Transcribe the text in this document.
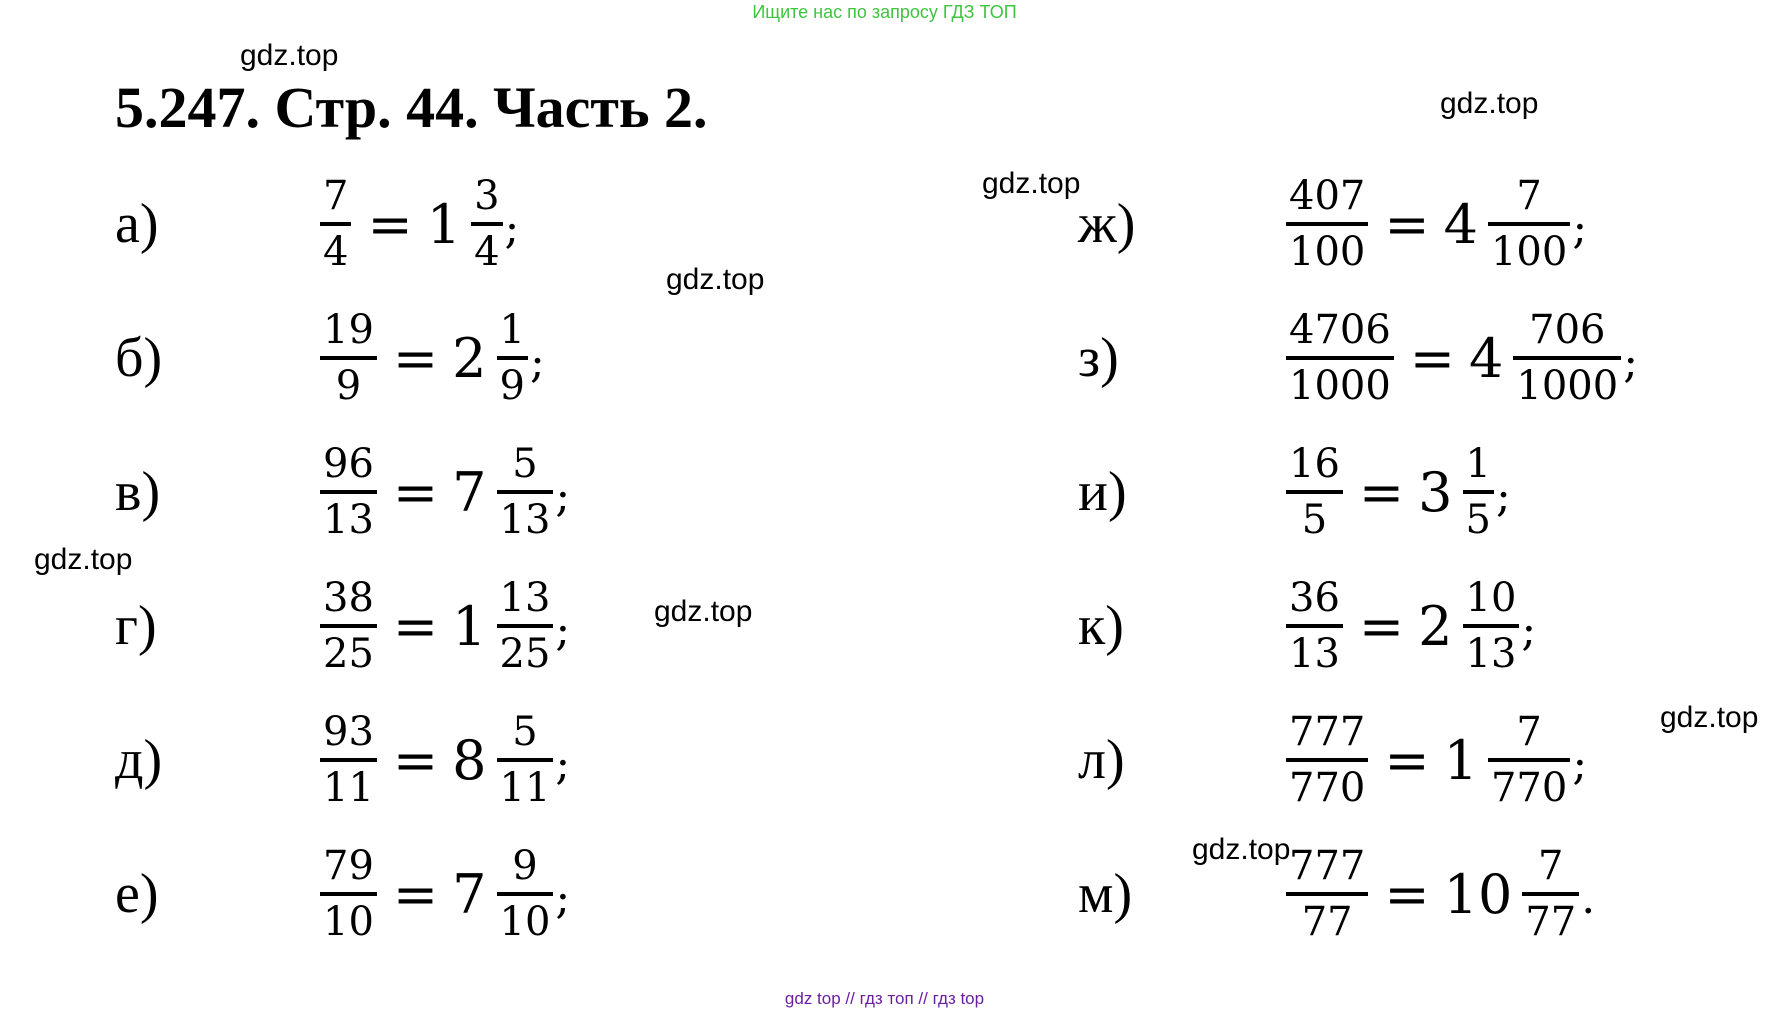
Ищите нас по запросу ГДЗ ТОП
5.247. Стр. 44. Часть 2.
gdz.top
gdz.top
gdz.top
gdz.top
gdz.top
gdz.top
gdz.top
gdz.top
а)	$\frac{7}{4} = 1 \frac{3}{4}$ ;
б)	$\frac{19}{9} = 2 \frac{1}{9}$ ;
в)	$\frac{96}{13} = 7 \frac{5}{13}$ ;
г)	$\frac{38}{25} = 1 \frac{13}{25}$ ;
д)	$\frac{93}{11} = 8 \frac{5}{11}$ ;
е)	$\frac{79}{10} = 7 \frac{9}{10}$ ;
ж)	$\frac{407}{100} = 4 \frac{7}{100}$ ;
з)	$\frac{4706}{1000} = 4 \frac{706}{1000}$ ;
и)	$\frac{16}{5} = 3 \frac{1}{5}$ ;
к)	$\frac{36}{13} = 2 \frac{10}{13}$ ;
л)	$\frac{777}{770} = 1 \frac{7}{770}$ ;
м)	$\frac{777}{77} = 10 \frac{7}{77}$ .
gdz top // гдз топ // гдз top
